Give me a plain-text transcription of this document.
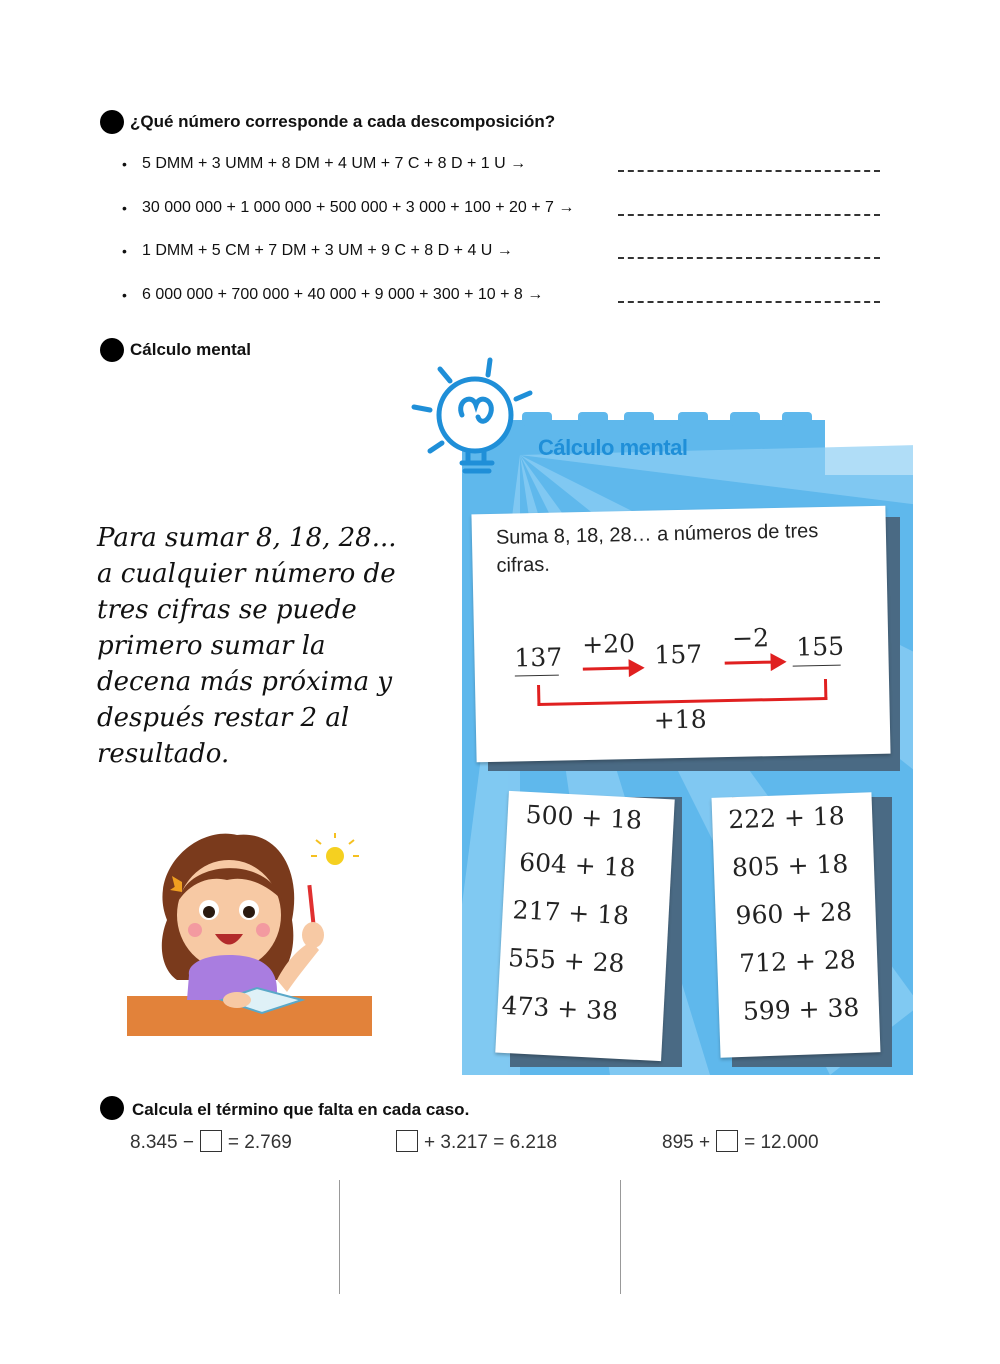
¿Qué número corresponde a cada descomposición?
• 5 DMM + 3 UMM + 8 DM + 4 UM + 7 C + 8 D + 1 U →
• 30 000 000 + 1 000 000 + 500 000 + 3 000 + 100 + 20 + 7 →
• 1 DMM + 5 CM + 7 DM + 3 UM + 9 C + 8 D + 4 U →
• 6 000 000 + 700 000 + 40 000 + 9 000 + 300 + 10 + 8 →
Cálculo mental
Para sumar 8, 18, 28... a cualquier número de tres cifras se puede primero sumar la decena más próxima y después restar 2 al resultado.
Cálculo mental
Suma 8, 18, 28… a números de tres cifras.
137 +20 157
−2 155
+18
500 + 18
604 + 18
217 + 18
555 + 28
473 + 38
222 + 18
805 + 18
960 + 28
712 + 28
599 + 38
Calcula el término que falta en cada caso.
8.345 − = 2.769	+ 3.217 = 6.218	895 + = 12.000
